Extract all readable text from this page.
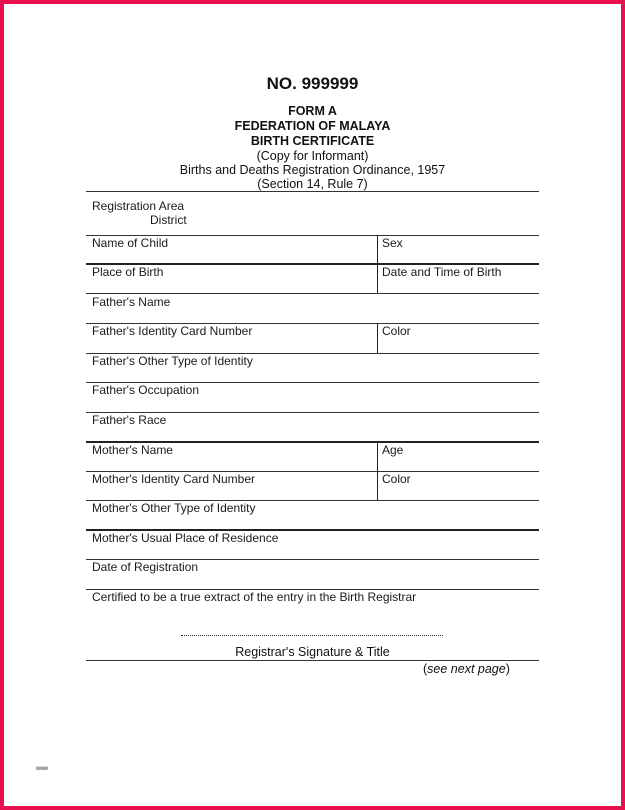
NO. 999999
FORM A
FEDERATION OF MALAYA
BIRTH CERTIFICATE
(Copy for Informant)
Births and Deaths Registration Ordinance, 1957
(Section 14, Rule 7)
Registration Area
District
Name of Child	Sex
Place of Birth	Date and Time of Birth
Father's Name
Father's Identity Card Number	Color
Father's Other Type of Identity
Father's Occupation
Father's Race
Mother's Name	Age
Mother's Identity Card Number	Color
Mother's Other Type of Identity
Mother's Usual Place of Residence
Date of Registration
Certified to be a true extract of the entry in the Birth Registrar
Registrar's Signature & Title
(see next page)
www
